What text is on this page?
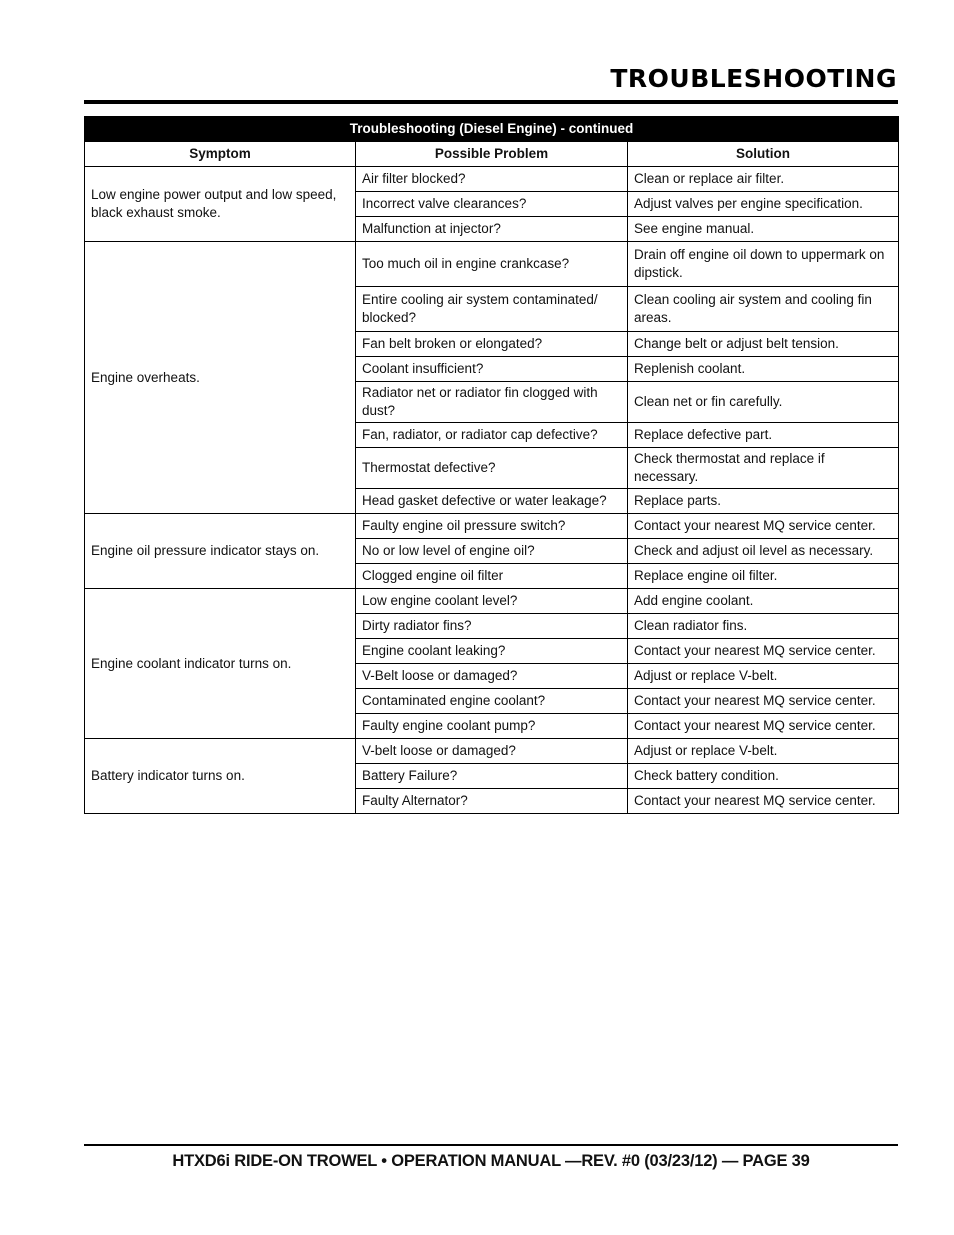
TROUBLESHOOTING
Troubleshooting (Diesel Engine) - continued		
Symptom	Possible Problem	Solution
Low engine power output and low speed, black exhaust smoke.	Air filter blocked?	Clean or replace air filter.
	Incorrect valve clearances?	Adjust valves per engine specification.
	Malfunction at injector?	See engine manual.
Engine overheats.	Too much oil in engine crankcase?	Drain off engine oil down to uppermark on dipstick.
	Entire cooling air system contaminated/ blocked?	Clean cooling air system and cooling fin areas.
	Fan belt broken or elongated?	Change belt or adjust belt tension.
	Coolant insufficient?	Replenish coolant.
	Radiator net or radiator fin clogged with dust?	Clean net or fin carefully.
	Fan, radiator, or radiator cap defective?	Replace defective part.
	Thermostat defective?	Check thermostat and replace if necessary.
	Head gasket defective or water leakage?	Replace parts.
Engine oil pressure indicator stays on.	Faulty engine oil pressure switch?	Contact your nearest MQ service center.
	No or low level of engine oil?	Check and adjust oil level as necessary.
	Clogged engine oil filter	Replace engine oil filter.
Engine coolant indicator turns on.	Low engine coolant level?	Add engine coolant.
	Dirty radiator fins?	Clean radiator fins.
	Engine coolant leaking?	Contact your nearest MQ service center.
	V-Belt loose or damaged?	Adjust or replace V-belt.
	Contaminated engine coolant?	Contact your nearest MQ service center.
	Faulty engine coolant pump?	Contact your nearest MQ service center.
Battery indicator turns on.	V-belt loose or damaged?	Adjust or replace V-belt.
	Battery Failure?	Check battery condition.
	Faulty Alternator?	Contact your nearest MQ service center.
HTXD6i RIDE-ON TROWEL • OPERATION MANUAL —REV. #0 (03/23/12) — PAGE 39
